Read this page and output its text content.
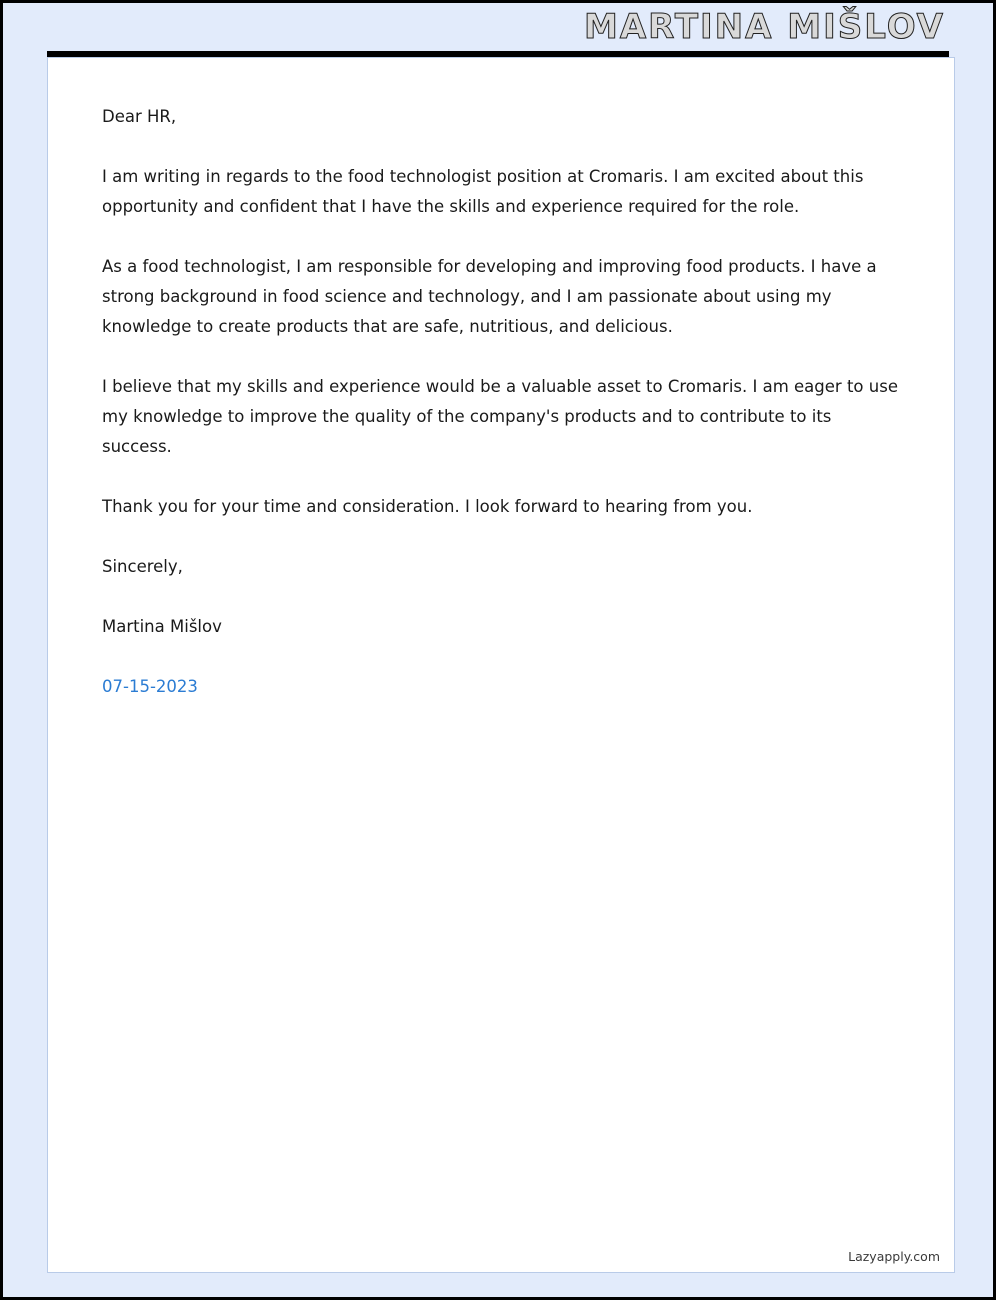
MARTINA MIŠLOV

Dear HR,

I am writing in regards to the food technologist position at Cromaris. I am excited about this opportunity and confident that I have the skills and experience required for the role.

As a food technologist, I am responsible for developing and improving food products. I have a strong background in food science and technology, and I am passionate about using my knowledge to create products that are safe, nutritious, and delicious.

I believe that my skills and experience would be a valuable asset to Cromaris. I am eager to use my knowledge to improve the quality of the company's products and to contribute to its success.

Thank you for your time and consideration. I look forward to hearing from you.

Sincerely,

Martina Mišlov

07-15-2023

Lazyapply.com
